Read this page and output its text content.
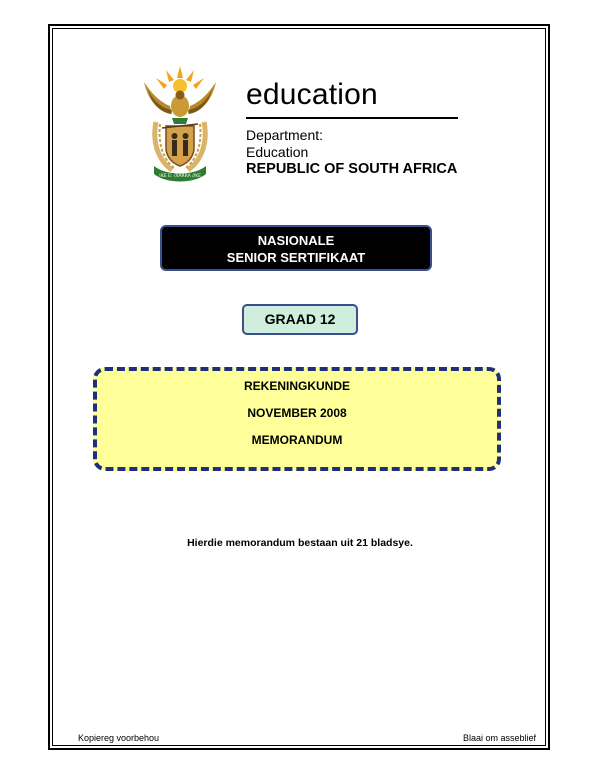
!KE E: /XARRA //KE
education
Department:
Education
REPUBLIC OF SOUTH AFRICA
NASIONALE
SENIOR SERTIFIKAAT
GRAAD 12
REKENINGKUNDE
NOVEMBER 2008
MEMORANDUM
Hierdie memorandum bestaan uit 21 bladsye.
Kopiereg voorbehou	Blaai om asseblief
